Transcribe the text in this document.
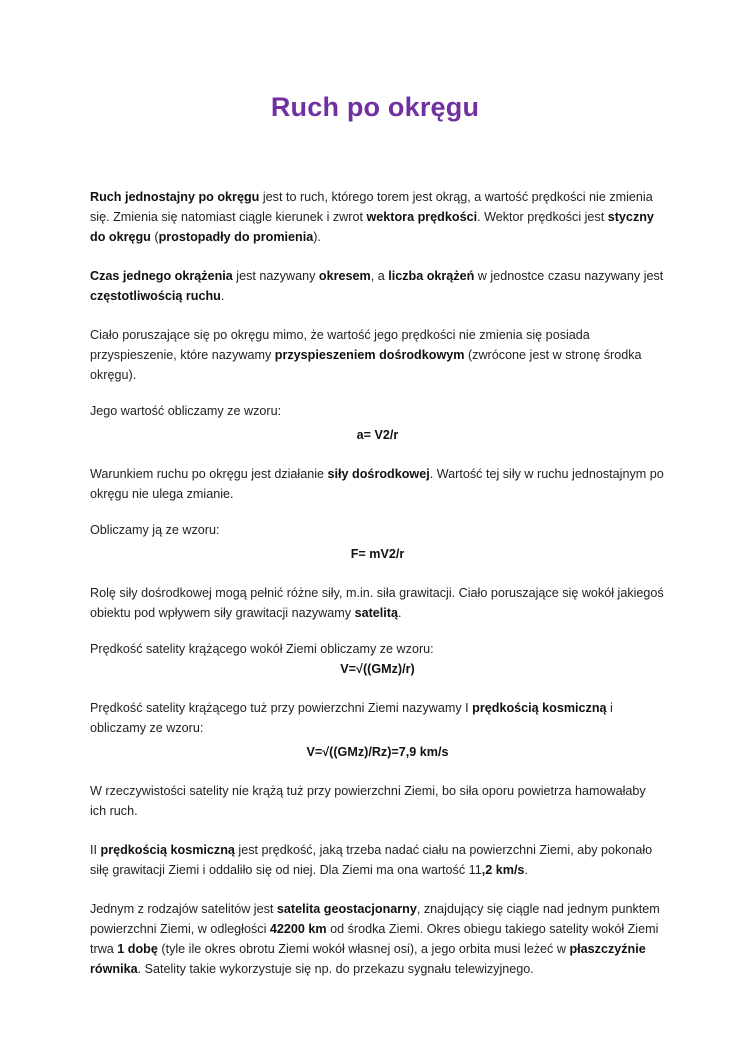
Ruch po okręgu

Ruch jednostajny po okręgu jest to ruch, którego torem jest okrąg, a wartość prędkości nie zmienia się. Zmienia się natomiast ciągle kierunek i zwrot wektora prędkości. Wektor prędkości jest styczny do okręgu (prostopadły do promienia).

Czas jednego okrążenia jest nazywany okresem, a liczba okrążeń w jednostce czasu nazywany jest częstotliwością ruchu.

Ciało poruszające się po okręgu mimo, że wartość jego prędkości nie zmienia się posiada przyspieszenie, które nazywamy przyspieszeniem dośrodkowym (zwrócone jest w stronę środka okręgu).

Jego wartość obliczamy ze wzoru:

a= V2/r

Warunkiem ruchu po okręgu jest działanie siły dośrodkowej. Wartość tej siły w ruchu jednostajnym po okręgu nie ulega zmianie.

Obliczamy ją ze wzoru:

F= mV2/r

Rolę siły dośrodkowej mogą pełnić różne siły, m.in. siła grawitacji. Ciało poruszające się wokół jakiegoś obiektu pod wpływem siły grawitacji nazywamy satelitą.

Prędkość satelity krążącego wokół Ziemi obliczamy ze wzoru:

V=√((GMz)/r)

Prędkość satelity krążącego tuż przy powierzchni Ziemi nazywamy I prędkością kosmiczną i obliczamy ze wzoru:

V=√((GMz)/Rz)=7,9 km/s

W rzeczywistości satelity nie krążą tuż przy powierzchni Ziemi, bo siła oporu powietrza hamowałaby ich ruch.

II prędkością kosmiczną jest prędkość, jaką trzeba nadać ciału na powierzchni Ziemi, aby pokonało siłę grawitacji Ziemi i oddaliło się od niej. Dla Ziemi ma ona wartość 11,2 km/s.

Jednym z rodzajów satelitów jest satelita geostacjonarny, znajdujący się ciągle nad jednym punktem powierzchni Ziemi, w odległości 42200 km od środka Ziemi. Okres obiegu takiego satelity wokół Ziemi trwa 1 dobę (tyle ile okres obrotu Ziemi wokół własnej osi), a jego orbita musi leżeć w płaszczyźnie równika. Satelity takie wykorzystuje się np. do przekazu sygnału telewizyjnego.
